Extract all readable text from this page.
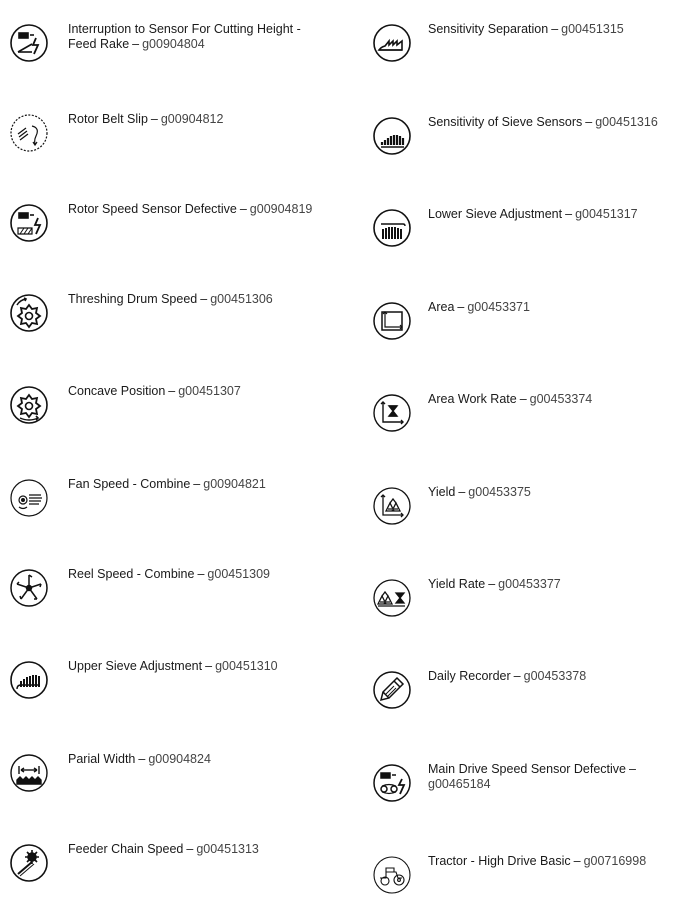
Interruption to Sensor For Cutting Height - Feed Rake – g00904804
Rotor Belt Slip – g00904812
Rotor Speed Sensor Defective – g00904819
Threshing Drum Speed – g00451306
Concave Position – g00451307
Fan Speed - Combine – g00904821
Reel Speed - Combine – g00451309
Upper Sieve Adjustment – g00451310
Parial Width – g00904824
Feeder Chain Speed – g00451313
Sensitivity Separation – g00451315
Sensitivity of Sieve Sensors – g00451316
Lower Sieve Adjustment – g00451317
Area – g00453371
Area Work Rate – g00453374
Yield – g00453375
Yield Rate – g00453377
Daily Recorder – g00453378
Main Drive Speed Sensor Defective –g00465184
Tractor - High Drive Basic – g00716998
